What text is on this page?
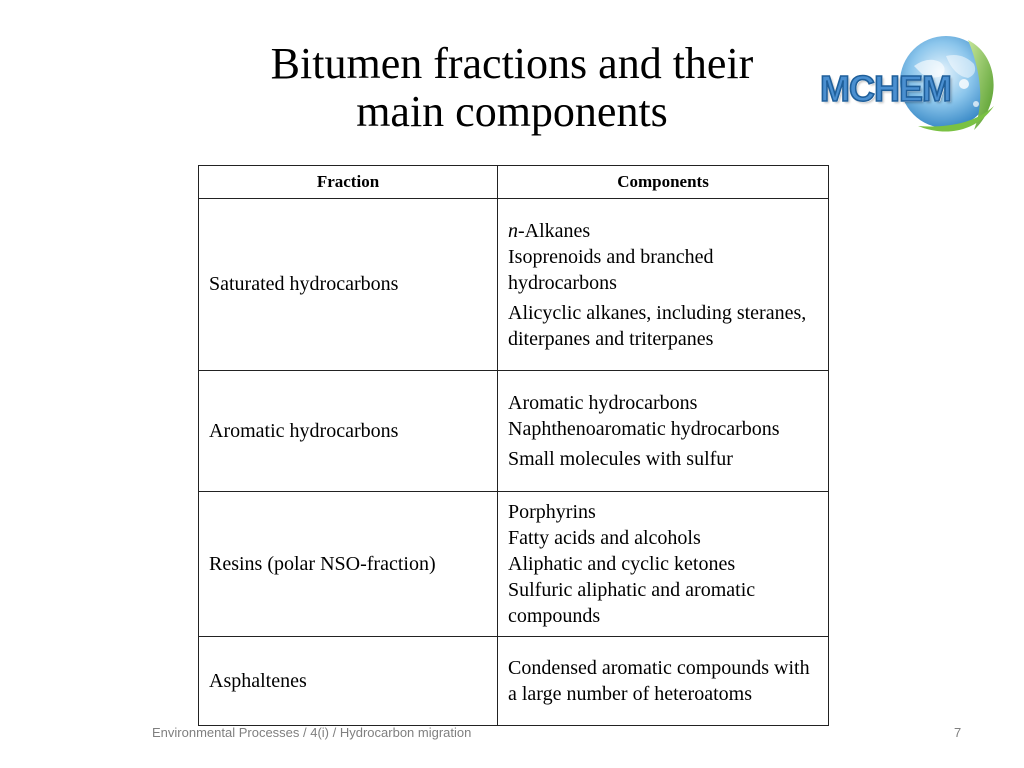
Bitumen fractions and their
main components	MCHEM
Fraction	Components
Saturated hydrocarbons	n-Alkanes
Isoprenoids and branched hydrocarbons
Alicyclic alkanes, including steranes, diterpanes and triterpanes

Aromatic hydrocarbons	Aromatic hydrocarbons
Naphthenoaromatic hydrocarbons
Small molecules with sulfur

Resins (polar NSO-fraction)	Porphyrins
Fatty acids and alcohols
Aliphatic and cyclic ketones
Sulfuric aliphatic and aromatic compounds

Asphaltenes	Condensed aromatic compounds with a large number of heteroatoms
Environmental Processes / 4(i) / Hydrocarbon migration	7
